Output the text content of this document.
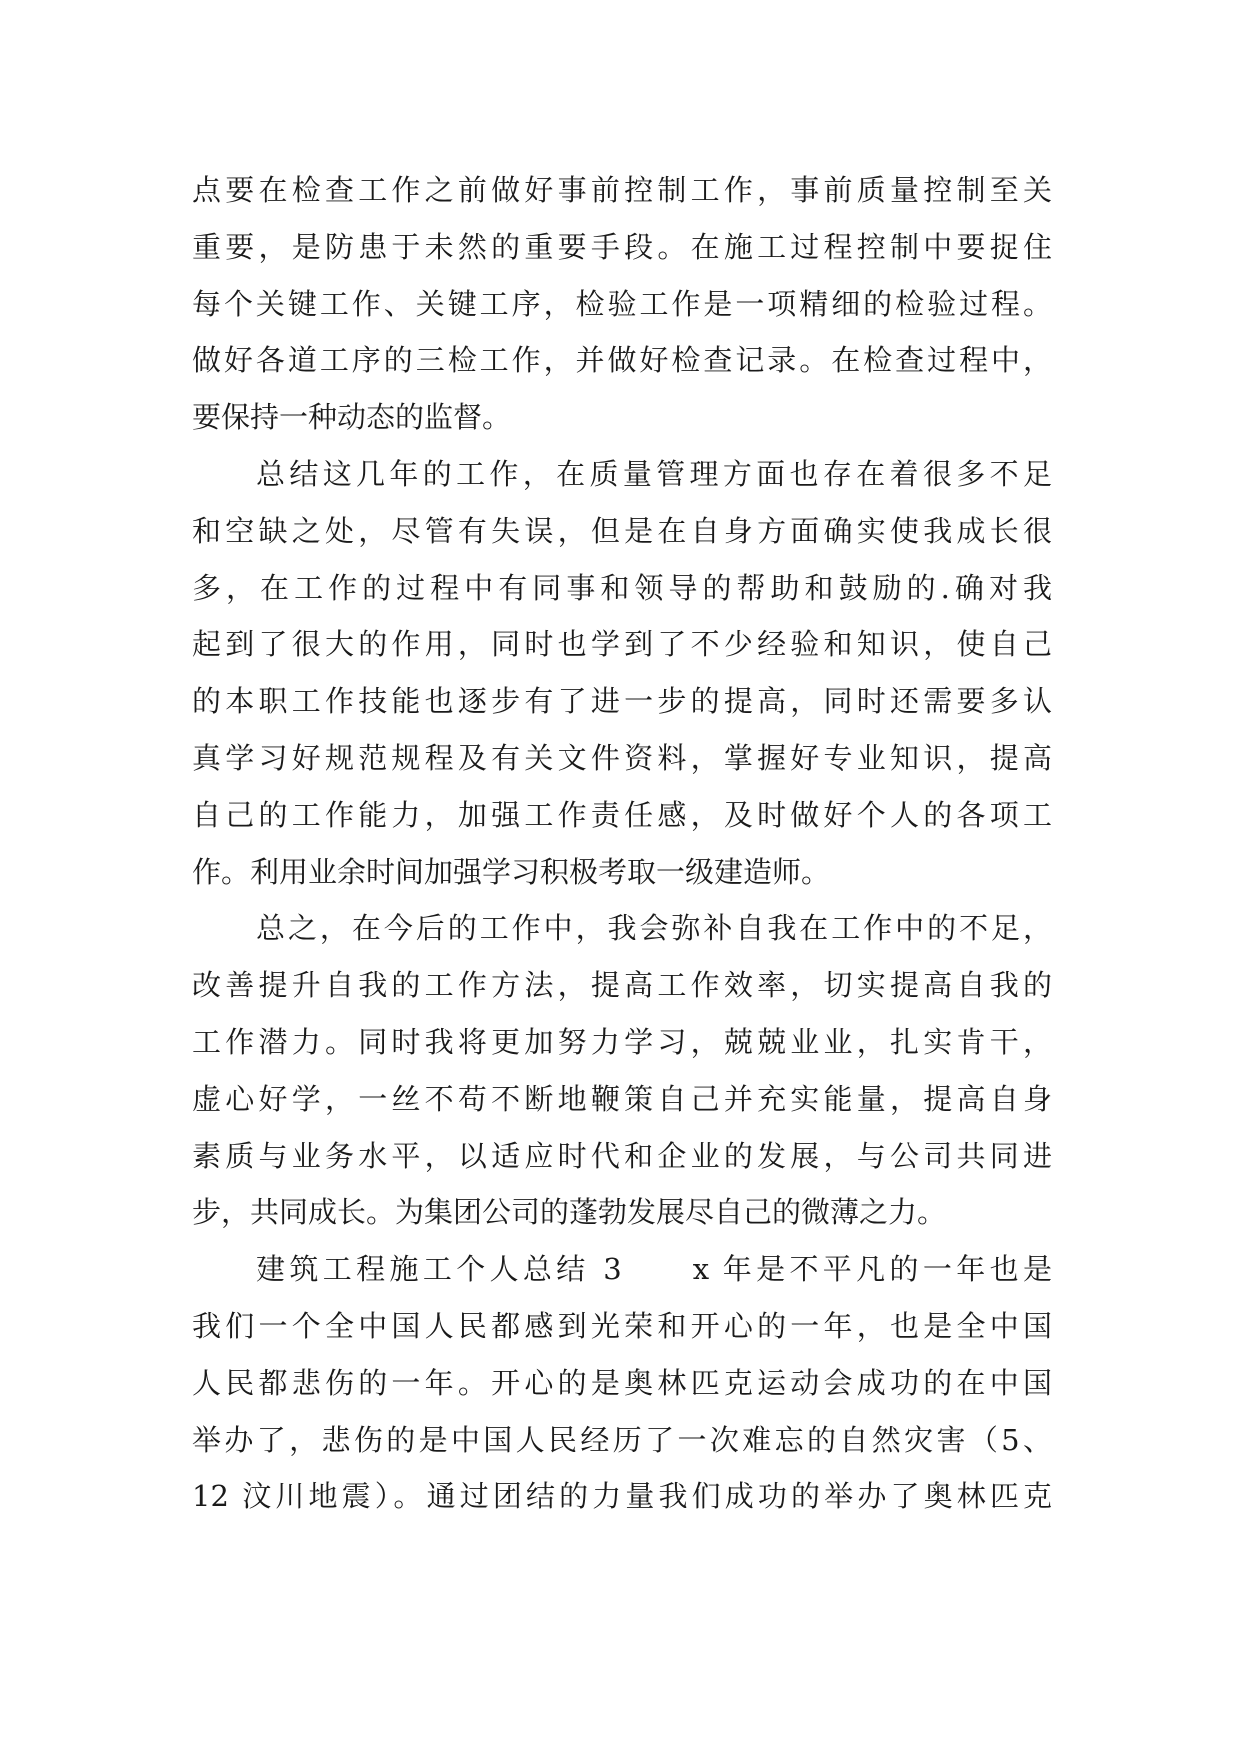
点要在检查工作之前做好事前控制工作，事前质量控制至关
重要，是防患于未然的重要手段。在施工过程控制中要捉住
每个关键工作、关键工序，检验工作是一项精细的检验过程。
做好各道工序的三检工作，并做好检查记录。在检查过程中，
要保持一种动态的监督。
总结这几年的工作，在质量管理方面也存在着很多不足
和空缺之处，尽管有失误，但是在自身方面确实使我成长很
多，在工作的过程中有同事和领导的帮助和鼓励的.确对我
起到了很大的作用，同时也学到了不少经验和知识，使自己
的本职工作技能也逐步有了进一步的提高，同时还需要多认
真学习好规范规程及有关文件资料，掌握好专业知识，提高
自己的工作能力，加强工作责任感，及时做好个人的各项工
作。利用业余时间加强学习积极考取一级建造师。
总之，在今后的工作中，我会弥补自我在工作中的不足，
改善提升自我的工作方法，提高工作效率，切实提高自我的
工作潜力。同时我将更加努力学习，兢兢业业，扎实肯干，
虚心好学，一丝不苟不断地鞭策自己并充实能量，提高自身
素质与业务水平，以适应时代和企业的发展，与公司共同进
步，共同成长。为集团公司的蓬勃发展尽自己的微薄之力。
建筑工程施工个人总结 3　　x 年是不平凡的一年也是
我们一个全中国人民都感到光荣和开心的一年，也是全中国
人民都悲伤的一年。开心的是奥林匹克运动会成功的在中国
举办了，悲伤的是中国人民经历了一次难忘的自然灾害（5、
12 汶川地震）。通过团结的力量我们成功的举办了奥林匹克
